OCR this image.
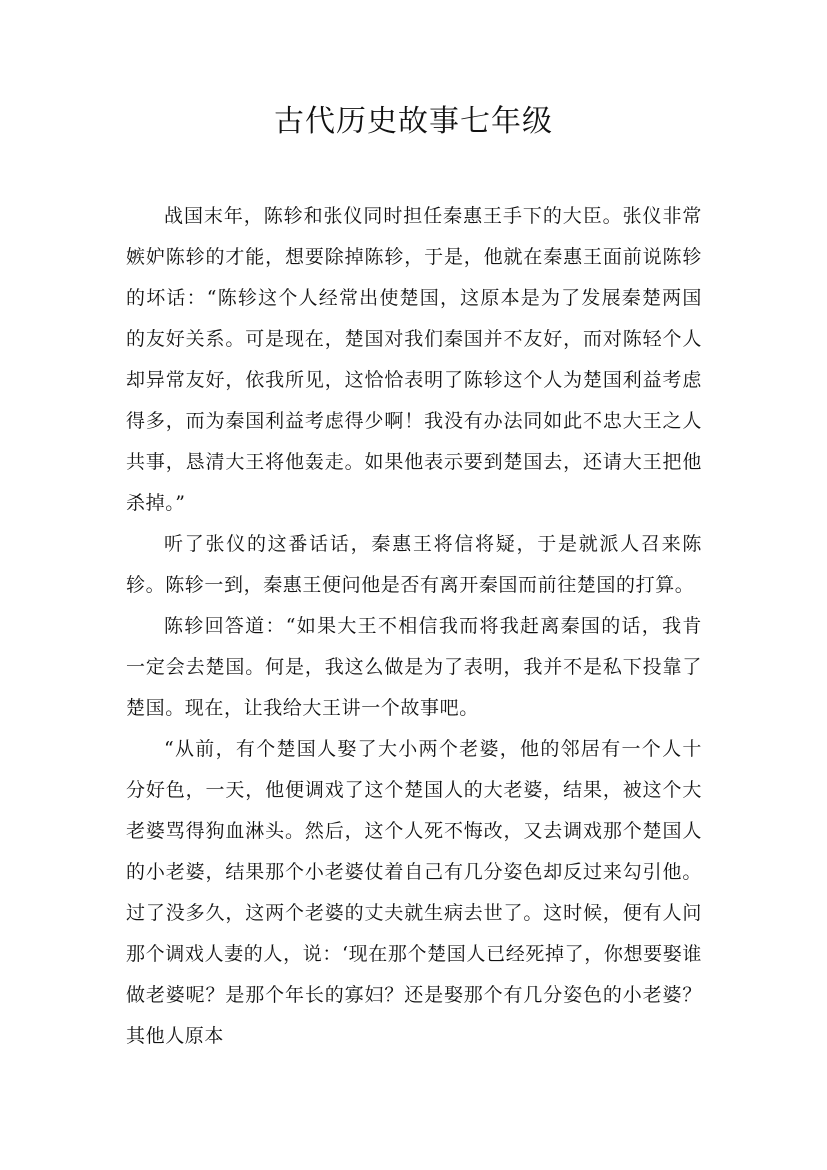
古代历史故事七年级

战国末年，陈轸和张仪同时担任秦惠王手下的大臣。张仪非常嫉妒陈轸的才能，想要除掉陈轸，于是，他就在秦惠王面前说陈轸的坏话：“陈轸这个人经常出使楚国，这原本是为了发展秦楚两国的友好关系。可是现在，楚国对我们秦国并不友好，而对陈轻个人却异常友好，依我所见，这恰恰表明了陈轸这个人为楚国利益考虑得多，而为秦国利益考虑得少啊！我没有办法同如此不忠大王之人共事，恳清大王将他轰走。如果他表示要到楚国去，还请大王把他杀掉。”

听了张仪的这番话话，秦惠王将信将疑，于是就派人召来陈轸。陈轸一到，秦惠王便问他是否有离开秦国而前往楚国的打算。

陈轸回答道：“如果大王不相信我而将我赶离秦国的话，我肯一定会去楚国。何是，我这么做是为了表明，我并不是私下投靠了楚国。现在，让我给大王讲一个故事吧。

“从前，有个楚国人娶了大小两个老婆，他的邻居有一个人十分好色，一天，他便调戏了这个楚国人的大老婆，结果，被这个大老婆骂得狗血淋头。然后，这个人死不悔改，又去调戏那个楚国人的小老婆，结果那个小老婆仗着自己有几分姿色却反过来勾引他。过了没多久，这两个老婆的丈夫就生病去世了。这时候，便有人问那个调戏人妻的人，说：‘现在那个楚国人已经死掉了，你想要娶谁做老婆呢？是那个年长的寡妇？还是娶那个有几分姿色的小老婆？其他人原本
